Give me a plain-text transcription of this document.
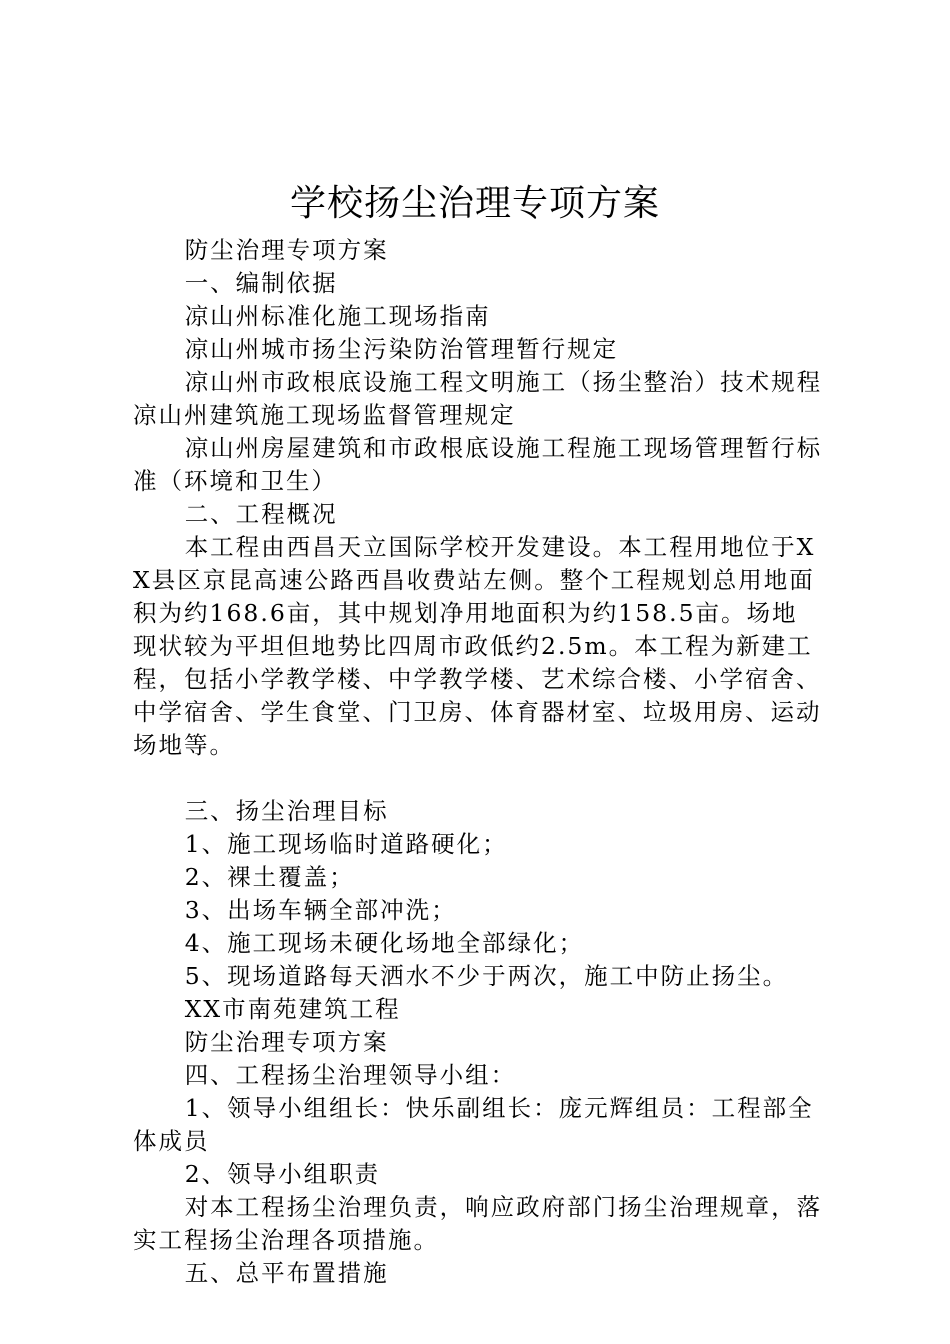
学校扬尘治理专项方案

防尘治理专项方案

一、编制依据

凉山州标准化施工现场指南

凉山州城市扬尘污染防治管理暂行规定

凉山州市政根底设施工程文明施工（扬尘整治）技术规程凉山州建筑施工现场监督管理规定

凉山州房屋建筑和市政根底设施工程施工现场管理暂行标准（环境和卫生）

二、工程概况

本工程由西昌天立国际学校开发建设。本工程用地位于XX县区京昆高速公路西昌收费站左侧。整个工程规划总用地面积为约168.6亩，其中规划净用地面积为约158.5亩。场地现状较为平坦但地势比四周市政低约2.5m。本工程为新建工程，包括小学教学楼、中学教学楼、艺术综合楼、小学宿舍、中学宿舍、学生食堂、门卫房、体育器材室、垃圾用房、运动场地等。

三、扬尘治理目标

1、施工现场临时道路硬化；

2、裸土覆盖；

3、出场车辆全部冲洗；

4、施工现场未硬化场地全部绿化；

5、现场道路每天洒水不少于两次，施工中防止扬尘。

XX市南苑建筑工程

防尘治理专项方案

四、工程扬尘治理领导小组：

1、领导小组组长：快乐副组长：庞元辉组员：工程部全体成员

2、领导小组职责

对本工程扬尘治理负责，响应政府部门扬尘治理规章，落实工程扬尘治理各项措施。

五、总平布置措施
